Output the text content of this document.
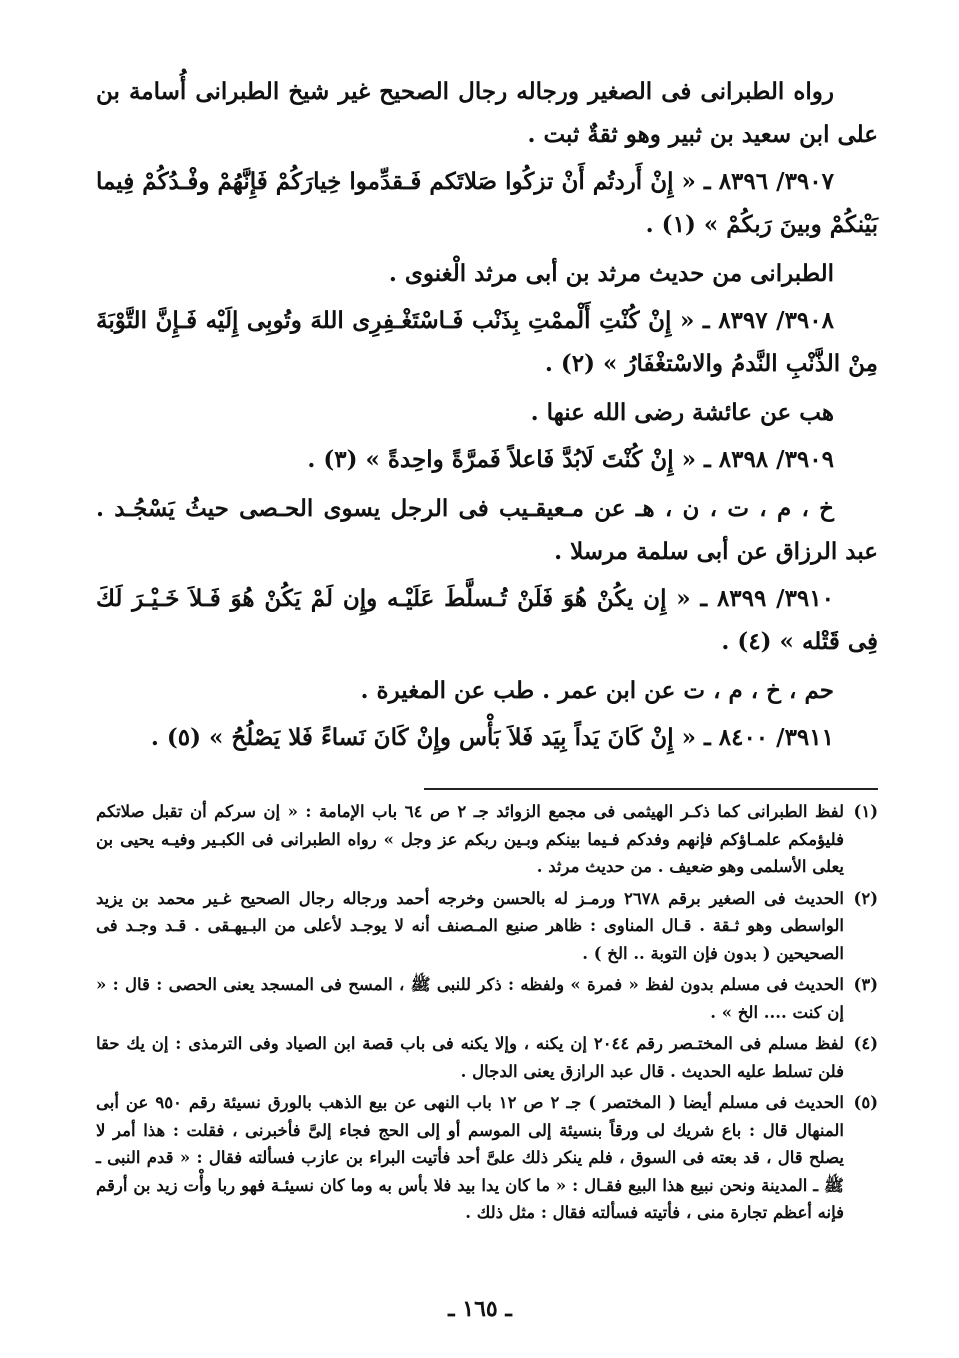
رواه الطبرانى فى الصغير ورجاله رجال الصحيح غير شيخ الطبرانى أُسامة بن على ابن سعيد بن ثبير وهو ثقةٌ ثبت .

٣٩٠٧/ ٨٣٩٦ ـ « إِنْ أَردتُم أَنْ تزكُوا صَلاتَكم فَـقدِّموا خِيارَكُمْ فَإِنَّهُمْ وفْـدُكُمْ فِيما بَيْنكُمْ وبينَ رَبكُمْ » (١) .

الطبرانى من حديث مرثد بن أبى مرثد الْغنوى .

٣٩٠٨/ ٨٣٩٧ ـ « إِنْ كُنْتِ أَلْممْتِ بِذَنْب فَـاسْتَغْـفِرِى اللهَ وتُوبِى إِلَيْه فَـإِنَّ التَّوْبَةَ مِنْ الذَّنْبِ النَّدمُ والاسْتغْفَارُ » (٢) .

هب عن عائشة رضى الله عنها .

٣٩٠٩/ ٨٣٩٨ ـ « إِنْ كُنْتَ لَابُدَّ فَاعلاً فَمرَّةً واحِدةً » (٣) .

خ ، م ، ت ، ن ، هـ عن مـعيقـيب فى الرجل يسوى الحـصى حيثُ يَسْجُـد . عبد الرزاق عن أبى سلمة مرسلا .

٣٩١٠/ ٨٣٩٩ ـ « إِن يكُنْ هُوَ فَلَنْ تُـسلَّطَ عَلَيْـه وإِن لَمْ يَكُنْ هُوَ فَـلاَ خَـيْـرَ لَكَ فِى قَتْله » (٤) .

حم ، خ ، م ، ت عن ابن عمر . طب عن المغيرة .

٣٩١١/ ٨٤٠٠ ـ « إِنْ كَانَ يَداً بِيَد فَلاَ بَأْس وإِنْ كَانَ نَساءً فَلا يَصْلُحُ » (٥) .

(١)لفظ الطبرانى كما ذكـر الهيثمى فى مجمع الزوائد جـ ٢ ص ٦٤ باب الإمامة : « إن سركم أن تقبل صلاتكم فليؤمكم علمـاؤكم فإنهم وفدكم فـيما بينكم وبـين ربكم عز وجل » رواه الطبرانى فى الكبـير وفيـه يحيى بن يعلى الأسلمى وهو ضعيف . من حديث مرثد .

(٢)الحديث فى الصغير برقم ٢٦٧٨ ورمـز له بالحسن وخرجه أحمد ورجاله رجال الصحيح غـير محمد بن يزيد الواسطى وهو ثـقة . قـال المناوى : ظاهر صنيع المـصنف أنه لا يوجـد لأعلى من البـيهـقى . قـد وجـد فى الصحيحين ( بدون فإن التوبة .. الخ ) .

(٣)الحديث فى مسلم بدون لفظ « فمرة » ولفظه : ذكر للنبى ﷺ ، المسح فى المسجد يعنى الحصى : قال : « إن كنت .... الخ » .

(٤)لفظ مسلم فى المختـصر رقم ٢٠٤٤ إن يكنه ، وإلا يكنه فى باب قصة ابن الصياد وفى الترمذى : إن يك حقا فلن تسلط عليه الحديث . قال عبد الرازق يعنى الدجال .

(٥)الحديث فى مسلم أيضا ( المختصر ) جـ ٢ ص ١٢ باب النهى عن بيع الذهب بالورق نسيئة رقم ٩٥٠ عن أبى المنهال قال : باع شريك لى ورقاً بنسيئة إلى الموسم أو إلى الحج فجاء إلىَّ فأخبرنى ، فقلت : هذا أمر لا يصلح قال ، قد بعته فى السوق ، فلم ينكر ذلك علىَّ أحد فأتيت البراء بن عازب فسألته فقال : « قدم النبى ـ ﷺ ـ المدينة ونحن نبيع هذا البيع فقـال : « ما كان يدا بيد فلا بأس به وما كان نسيئـة فهو ربا وأْت زيد بن أرقم فإنه أعظم تجارة منى ، فأتيته فسألته فقال : مثل ذلك .

ـ ١٦٥ ـ
